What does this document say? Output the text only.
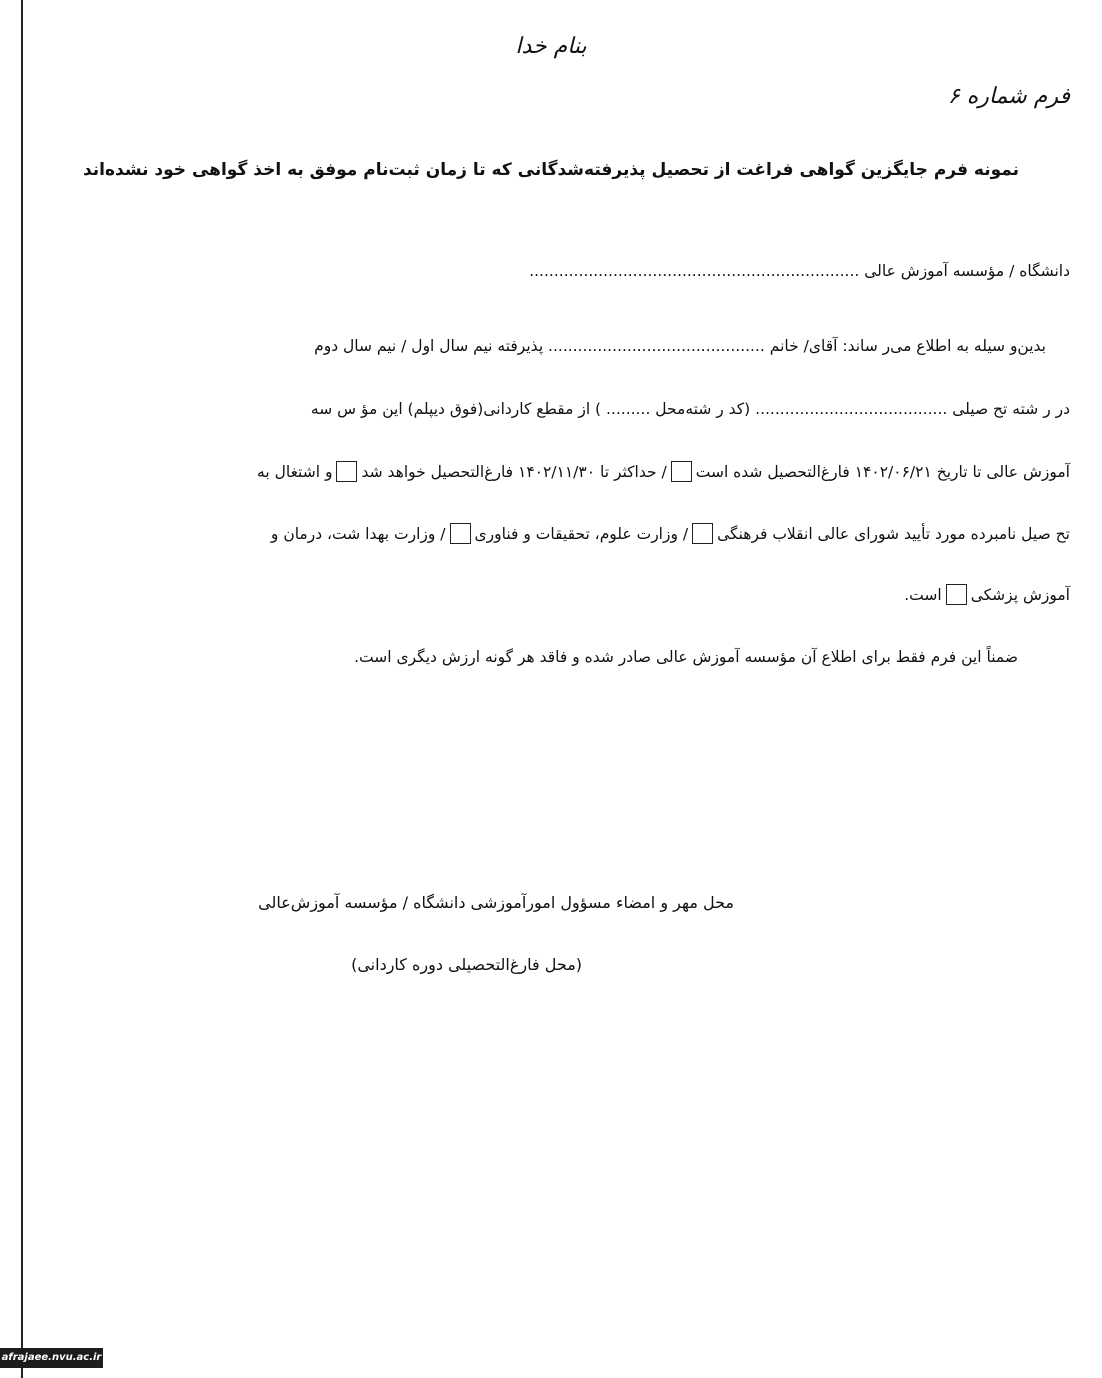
بنام خدا
فرم شماره ۶
نمونه فرم جایگزین گواهی فراغت از تحصیل پذیرفته‌شدگانی که تا زمان ثبت‌نام موفق به اخذ گواهی خود نشده‌اند
دانشگاه / مؤسسه آموزش عالی ...................................................................
بدین‌و سیله به اطلاع می‌ر ساند: آقای/ خانم ............................................ پذیرفته نیم سال اول / نیم سال دوم
در ر شته تح صیلی ....................................... (کد ر شته‌محل ......... ) از مقطع کاردانی(فوق دیپلم) این مؤ س سه
آموزش عالی تا تاریخ ۱۴۰۲/۰۶/۲۱ فارغ‌التحصیل شده است
/ حداکثر تا ۱۴۰۲/۱۱/۳۰ فارغ‌التحصیل خواهد شد
و اشتغال به
تح صیل نامبرده مورد تأیید شورای عالی انقلاب فرهنگی
/ وزارت علوم، تحقیقات و فناوری
/ وزارت بهدا شت، درمان و
آموزش پزشکی
است.
ضمناً این فرم فقط برای اطلاع آن مؤسسه آموزش عالی صادر شده و فاقد هر گونه ارزش دیگری است.
محل مهر و امضاء مسؤول امورآموزشی دانشگاه / مؤسسه آموزش‌عالی
(محل فارغ‌التحصیلی دوره کاردانی)
afrajaee.nvu.ac.ir
